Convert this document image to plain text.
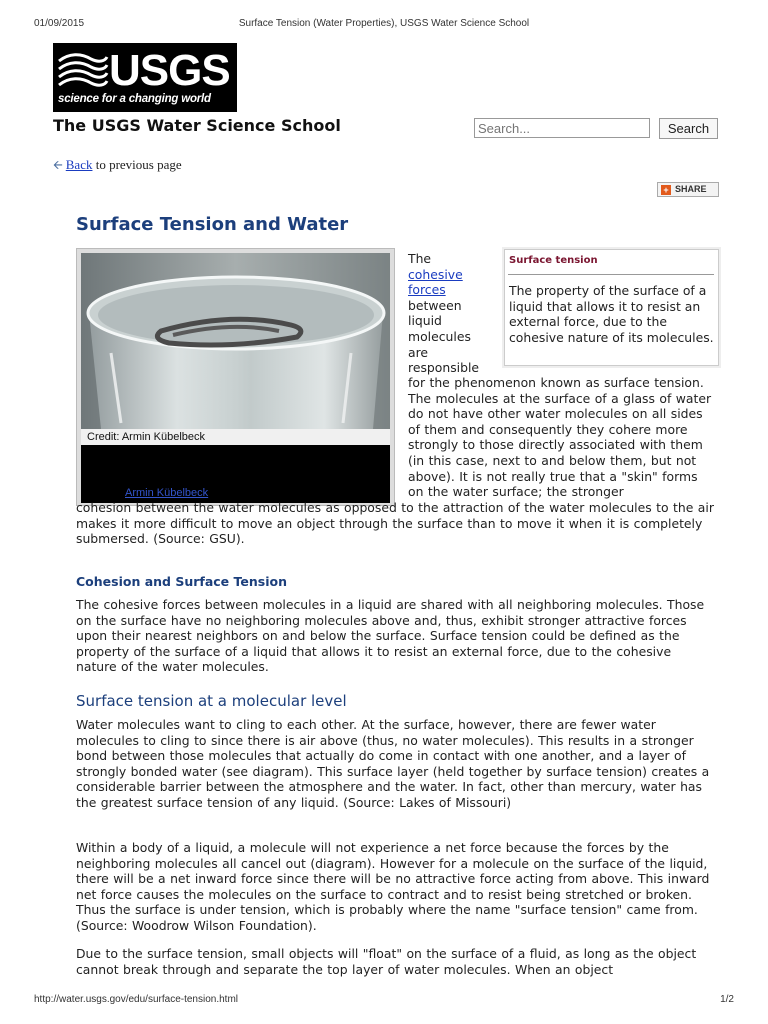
01/09/2015	Surface Tension (Water Properties), USGS Water Science School
USGS
science for a changing world
The USGS Water Science School
Search...	Search
🡨 Back to previous page
+ SHARE
Surface Tension and Water
Credit: Armin Kübelbeck
Armin Kübelbeck
Surface tension
The property of the surface of a liquid that allows it to resist an external force, due to the cohesive nature of its molecules.
The cohesive forces between liquid molecules are responsible
for the phenomenon known as surface tension. The molecules at the surface of a glass of water do not have other water molecules on all sides of them and consequently they cohere more strongly to those directly associated with them (in this case, next to and below them, but not above). It is not really true that a "skin" forms on the water surface; the stronger
cohesion between the water molecules as opposed to the attraction of the water molecules to the air makes it more difficult to move an object through the surface than to move it when it is completely submersed. (Source: GSU).
Cohesion and Surface Tension
The cohesive forces between molecules in a liquid are shared with all neighboring molecules. Those on the surface have no neighboring molecules above and, thus, exhibit stronger attractive forces upon their nearest neighbors on and below the surface. Surface tension could be defined as the property of the surface of a liquid that allows it to resist an external force, due to the cohesive nature of the water molecules.
Surface tension at a molecular level
Water molecules want to cling to each other. At the surface, however, there are fewer water molecules to cling to since there is air above (thus, no water molecules). This results in a stronger bond between those molecules that actually do come in contact with one another, and a layer of strongly bonded water (see diagram). This surface layer (held together by surface tension) creates a considerable barrier between the atmosphere and the water. In fact, other than mercury, water has the greatest surface tension of any liquid. (Source: Lakes of Missouri)
Within a body of a liquid, a molecule will not experience a net force because the forces by the neighboring molecules all cancel out (diagram). However for a molecule on the surface of the liquid, there will be a net inward force since there will be no attractive force acting from above. This inward net force causes the molecules on the surface to contract and to resist being stretched or broken. Thus the surface is under tension, which is probably where the name "surface tension" came from. (Source: Woodrow Wilson Foundation).
Due to the surface tension, small objects will "float" on the surface of a fluid, as long as the object cannot break through and separate the top layer of water molecules. When an object
http://water.usgs.gov/edu/surface-tension.html	1/2
